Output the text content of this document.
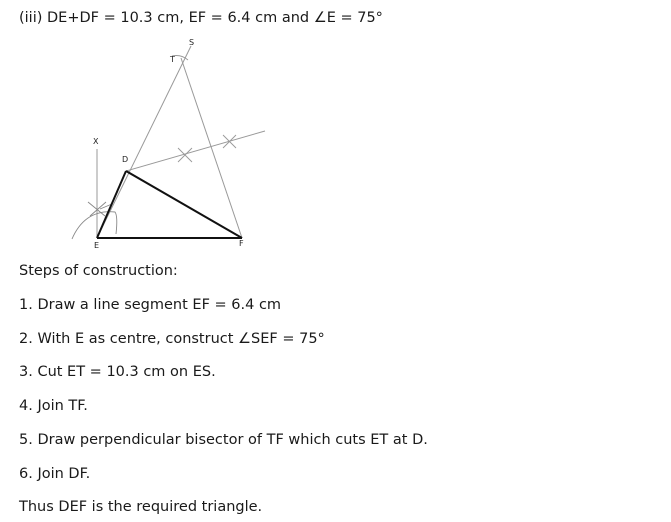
(iii) DE+DF = 10.3 cm, EF = 6.4 cm and ∠E = 75°
S
T
X
D
E	F
Steps of construction:
1. Draw a line segment EF = 6.4 cm
2. With E as centre, construct ∠SEF = 75°
3. Cut ET = 10.3 cm on ES.
4. Join TF.
5. Draw perpendicular bisector of TF which cuts ET at D.
6. Join DF.
Thus DEF is the required triangle.
